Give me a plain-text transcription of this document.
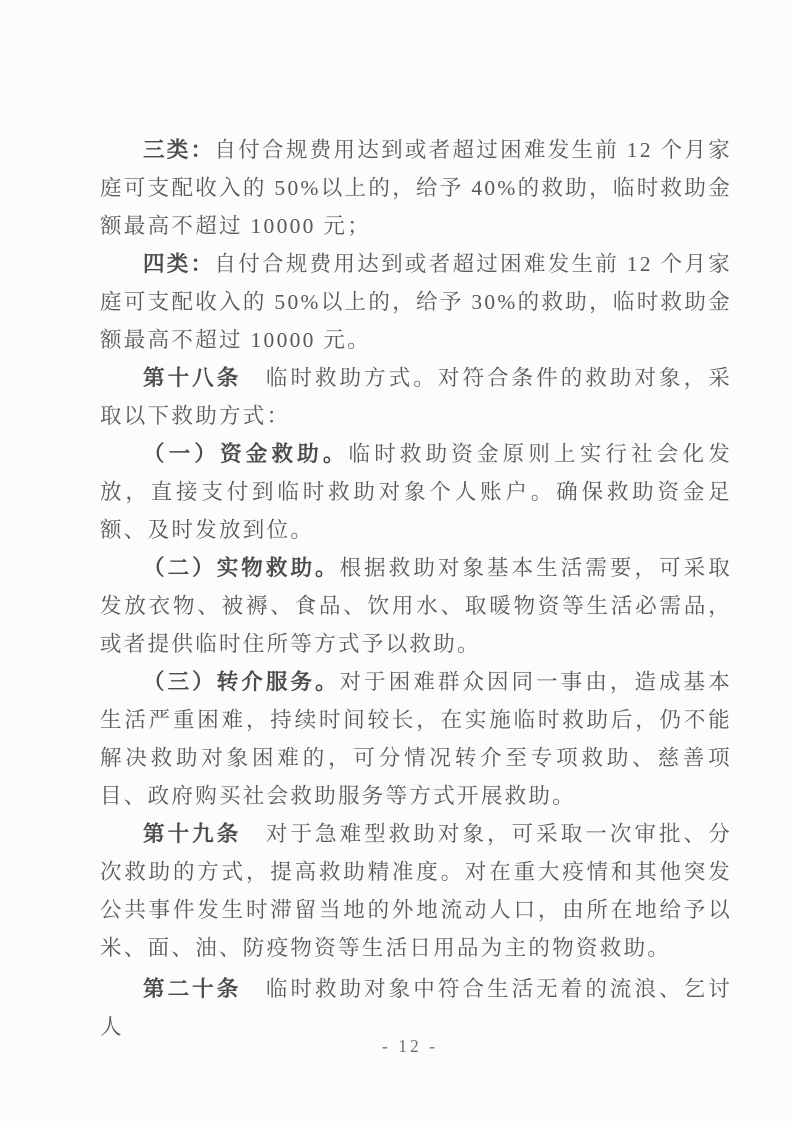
三类：自付合规费用达到或者超过困难发生前 12 个月家庭可支配收入的 50%以上的，给予 40%的救助，临时救助金额最高不超过 10000 元；

四类：自付合规费用达到或者超过困难发生前 12 个月家庭可支配收入的 50%以上的，给予 30%的救助，临时救助金额最高不超过 10000 元。

第十八条　临时救助方式。对符合条件的救助对象，采取以下救助方式：

（一）资金救助。临时救助资金原则上实行社会化发放，直接支付到临时救助对象个人账户。确保救助资金足额、及时发放到位。

（二）实物救助。根据救助对象基本生活需要，可采取发放衣物、被褥、食品、饮用水、取暖物资等生活必需品，或者提供临时住所等方式予以救助。

（三）转介服务。对于困难群众因同一事由，造成基本生活严重困难，持续时间较长，在实施临时救助后，仍不能解决救助对象困难的，可分情况转介至专项救助、慈善项目、政府购买社会救助服务等方式开展救助。

第十九条　对于急难型救助对象，可采取一次审批、分次救助的方式，提高救助精准度。对在重大疫情和其他突发公共事件发生时滞留当地的外地流动人口，由所在地给予以米、面、油、防疫物资等生活日用品为主的物资救助。

第二十条　临时救助对象中符合生活无着的流浪、乞讨人

- 12 -
